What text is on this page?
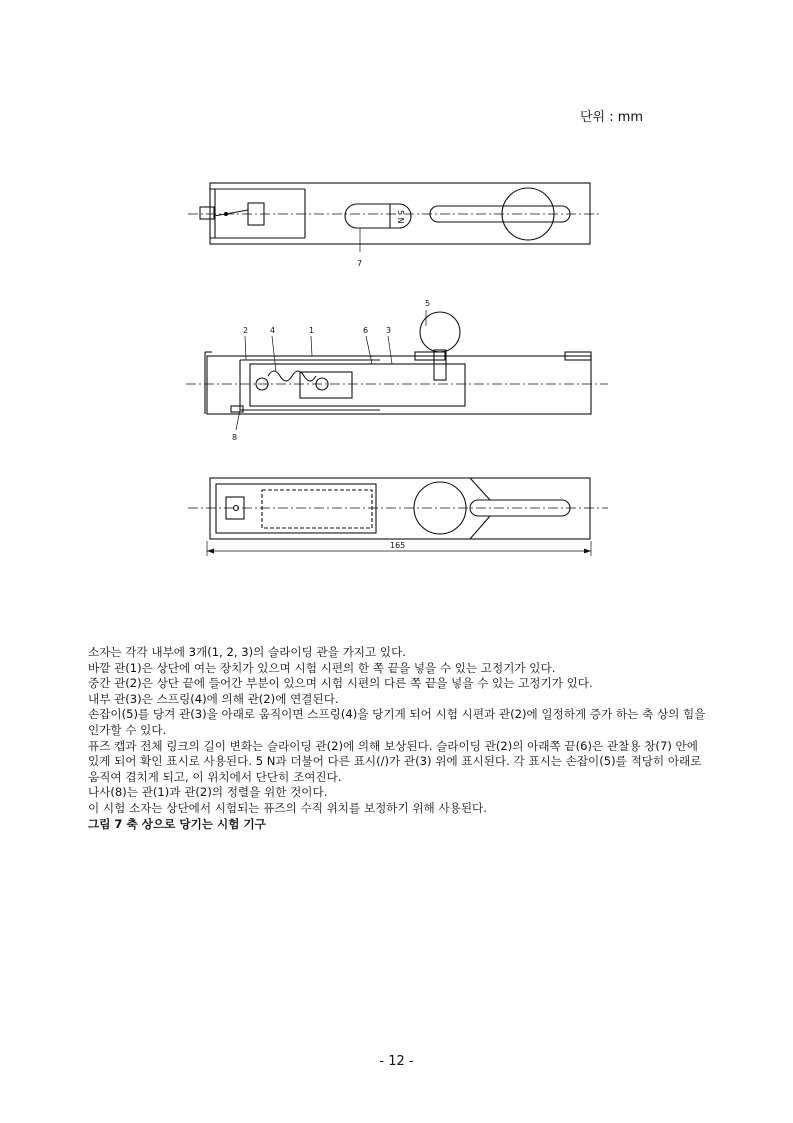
단위 : mm
7
5 N
5
2	4	1	6 3
8
165

소자는 각각 내부에 3개(1, 2, 3)의 슬라이딩 관을 가지고 있다.

바깥 관(1)은 상단에 여는 장치가 있으며 시험 시편의 한 쪽 끝을 넣을 수 있는 고정기가 있다.

중간 관(2)은 상단 끝에 들어간 부분이 있으며 시험 시편의 다른 쪽 끝을 넣을 수 있는 고정기가 있다.

내부 관(3)은 스프링(4)에 의해 관(2)에 연결된다.

손잡이(5)를 당겨 관(3)을 아래로 움직이면 스프링(4)을 당기게 되어 시험 시편과 관(2)에 일정하게 증가 하는 축 상의 힘을 인가할 수 있다.

퓨즈 캡과 전체 링크의 길이 변화는 슬라이딩 관(2)에 의해 보상된다. 슬라이딩 관(2)의 아래쪽 끝(6)은 관찰용 창(7) 안에 있게 되어 확인 표시로 사용된다. 5 N과 더불어 다른 표시(/)가 관(3) 위에 표시된다. 각 표시는 손잡이(5)를 적당히 아래로 움직여 겹치게 되고, 이 위치에서 단단히 조여진다.

나사(8)는 관(1)과 관(2)의 정렬을 위한 것이다.

이 시험 소자는 상단에서 시험되는 퓨즈의 수직 위치를 보정하기 위해 사용된다.

그림 7 축 상으로 당기는 시험 기구

- 12 -
